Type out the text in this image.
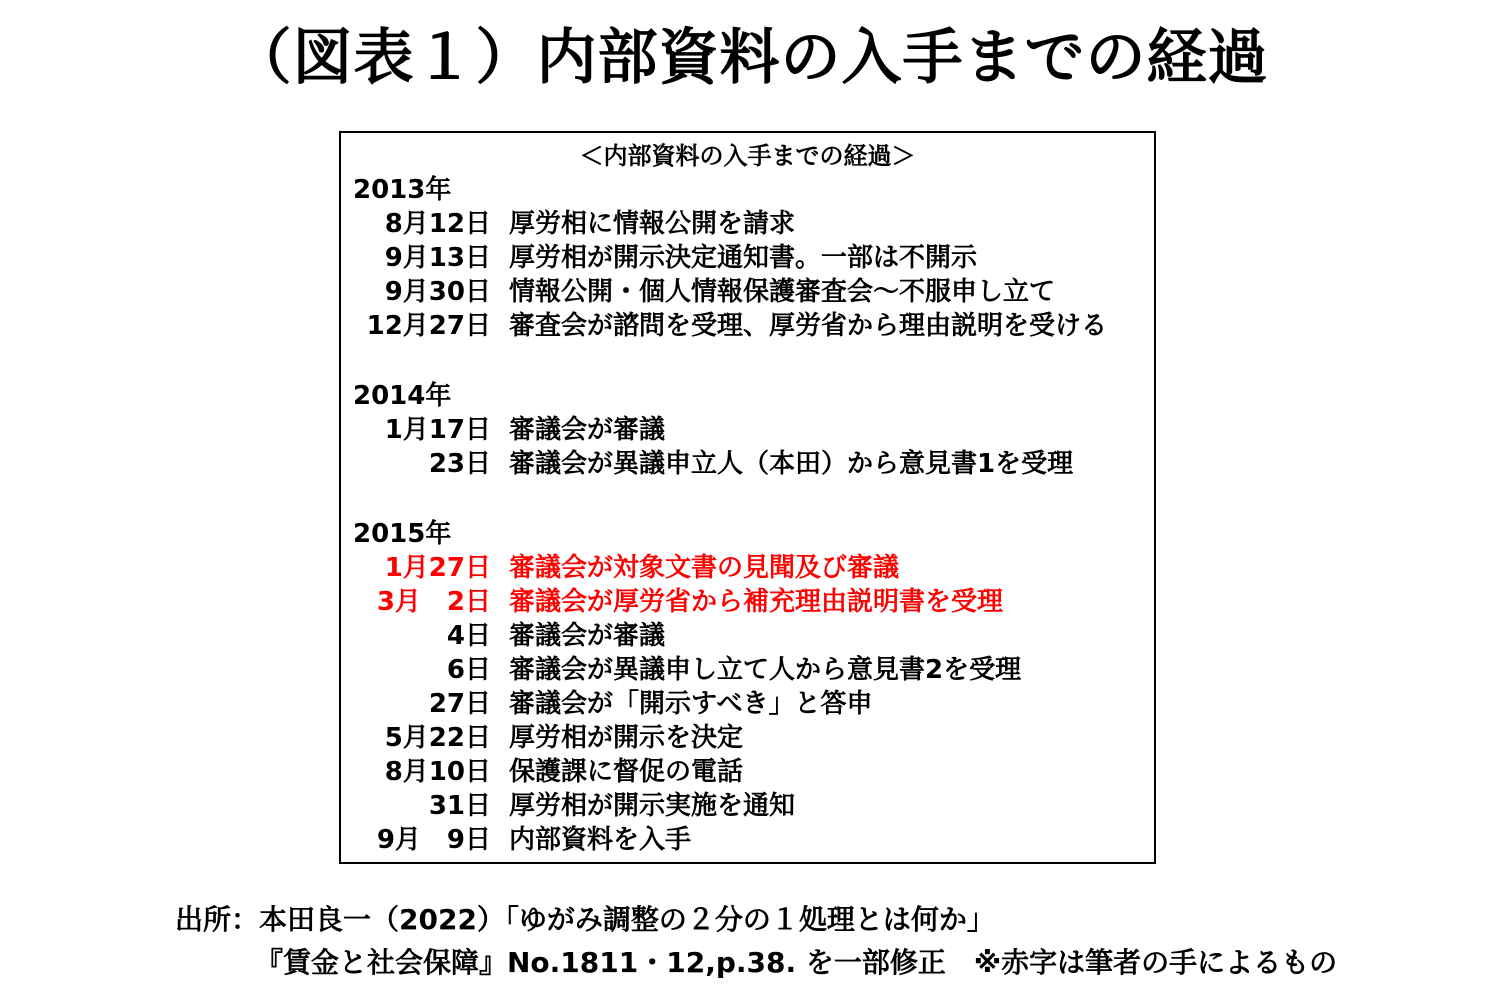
（図表１）内部資料の入手までの経過
＜内部資料の入手までの経過＞
2013年
8月12日 厚労相に情報公開を請求
9月13日 厚労相が開示決定通知書。一部は不開示
9月30日 情報公開・個人情報保護審査会～不服申し立て
12月27日 審査会が諮問を受理、厚労省から理由説明を受ける
2014年
1月17日 審議会が審議
23日 審議会が異議申立人（本田）から意見書1を受理
2015年
1月27日 審議会が対象文書の見聞及び審議
3月　2日 審議会が厚労省から補充理由説明書を受理
4日 審議会が審議
6日 審議会が異議申し立て人から意見書2を受理
27日 審議会が「開示すべき」と答申
5月22日 厚労相が開示を決定
8月10日 保護課に督促の電話
31日 厚労相が開示実施を通知
9月　9日 内部資料を入手
出所：本田良一（2022）「ゆがみ調整の２分の１処理とは何か」
『賃金と社会保障』No.1811・12,p.38. を一部修正　※赤字は筆者の手によるもの
